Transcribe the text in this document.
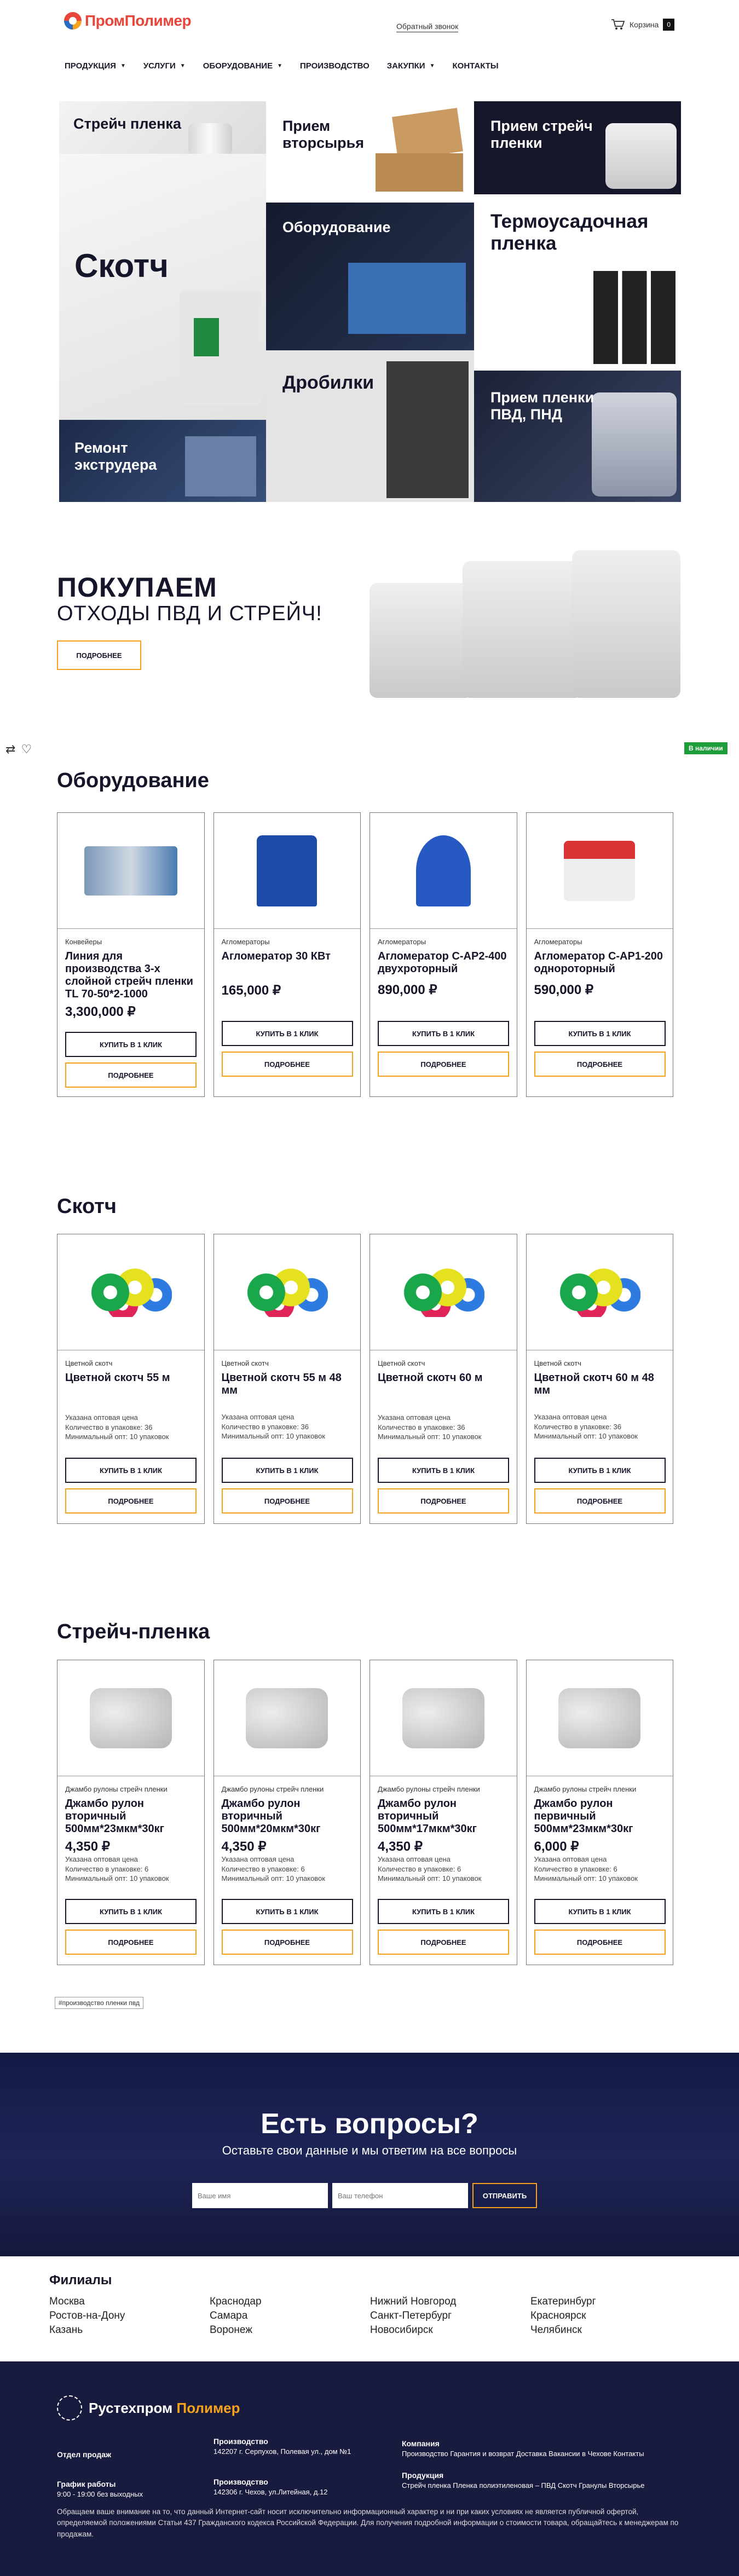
ПромПолимер	Обратный звонок	Корзина	0
ПРОДУКЦИЯ ▼ УСЛУГИ ▼ ОБОРУДОВАНИЕ ▼ ПРОИЗВОДСТВО ЗАКУПКИ ▼ КОНТАКТЫ
Стрейч пленка
Скотч
Ремонт экструдера
Прием вторсырья
Оборудование
Дробилки
Прием стрейч пленки
Термоусадочная пленка
Прием пленки ПВД, ПНД
ПОКУПАЕМ
ОТХОДЫ ПВД И СТРЕЙЧ!
ПОДРОБНЕЕ
⇄ ♡	В наличии
Оборудование
Конвейеры
Линия для производства 3-х слойной стрейч пленки TL 70-50*2-1000
3,300,000 ₽
КУПИТЬ В 1 КЛИК
ПОДРОБНЕЕ
Агломераторы
Агломератор 30 КВт
165,000 ₽
КУПИТЬ В 1 КЛИК
ПОДРОБНЕЕ
Агломераторы
Агломератор С-АР2-400 двухроторный
890,000 ₽
КУПИТЬ В 1 КЛИК
ПОДРОБНЕЕ
Агломераторы
Агломератор С-АР1-200 однороторный
590,000 ₽
КУПИТЬ В 1 КЛИК
ПОДРОБНЕЕ
Скотч
Цветной скотч
Цветной скотч 55 м
Указана оптовая цена
Количество в упаковке: 36
Минимальный опт: 10 упаковок
КУПИТЬ В 1 КЛИК
ПОДРОБНЕЕ
Цветной скотч
Цветной скотч 55 м 48 мм
Указана оптовая цена
Количество в упаковке: 36
Минимальный опт: 10 упаковок
КУПИТЬ В 1 КЛИК
ПОДРОБНЕЕ
Цветной скотч
Цветной скотч 60 м
Указана оптовая цена
Количество в упаковке: 36
Минимальный опт: 10 упаковок
КУПИТЬ В 1 КЛИК
ПОДРОБНЕЕ
Цветной скотч
Цветной скотч 60 м 48 мм
Указана оптовая цена
Количество в упаковке: 36
Минимальный опт: 10 упаковок
КУПИТЬ В 1 КЛИК
ПОДРОБНЕЕ
Стрейч-пленка
Джамбо рулоны стрейч пленки
Джамбо рулон вторичный 500мм*23мкм*30кг
4,350 ₽
Указана оптовая цена
Количество в упаковке: 6
Минимальный опт: 10 упаковок
КУПИТЬ В 1 КЛИК
ПОДРОБНЕЕ
Джамбо рулоны стрейч пленки
Джамбо рулон вторичный 500мм*20мкм*30кг
4,350 ₽
Указана оптовая цена
Количество в упаковке: 6
Минимальный опт: 10 упаковок
КУПИТЬ В 1 КЛИК
ПОДРОБНЕЕ
Джамбо рулоны стрейч пленки
Джамбо рулон вторичный 500мм*17мкм*30кг
4,350 ₽
Указана оптовая цена
Количество в упаковке: 6
Минимальный опт: 10 упаковок
КУПИТЬ В 1 КЛИК
ПОДРОБНЕЕ
Джамбо рулоны стрейч пленки
Джамбо рулон первичный 500мм*23мкм*30кг
6,000 ₽
Указана оптовая цена
Количество в упаковке: 6
Минимальный опт: 10 упаковок
КУПИТЬ В 1 КЛИК
ПОДРОБНЕЕ
#производство пленки пвд
Есть вопросы?
Оставьте свои данные и мы ответим на все вопросы
Ваше имя	Ваш телефон	ОТПРАВИТЬ
Филиалы
Москва	Краснодар	Нижний Новгород	Екатеринбург
Ростов-на-Дону	Самара	Санкт-Петербург	Красноярск
Казань	Воронеж	Новосибирск	Челябинск
Рустехпром Полимер
Отдел продаж
График работы
9:00 - 19:00 без выходных
Производство
142207 г. Серпухов, Полевая ул., дом №1
Производство
142306 г. Чехов, ул.Литейная, д.12
Компания
Производство Гарантия и возврат Доставка Вакансии в Чехове Контакты
Продукция
Стрейч пленка Пленка полиэтиленовая – ПВД Скотч Гранулы Вторсырье
Обращаем ваше внимание на то, что данный Интернет-сайт носит исключительно информационный характер и ни при каких условиях не является публичной офертой, определяемой положениями Статьи 437 Гражданского кодекса Российской Федерации. Для получения подробной информации о стоимости товара, обращайтесь к менеджерам по продажам.
